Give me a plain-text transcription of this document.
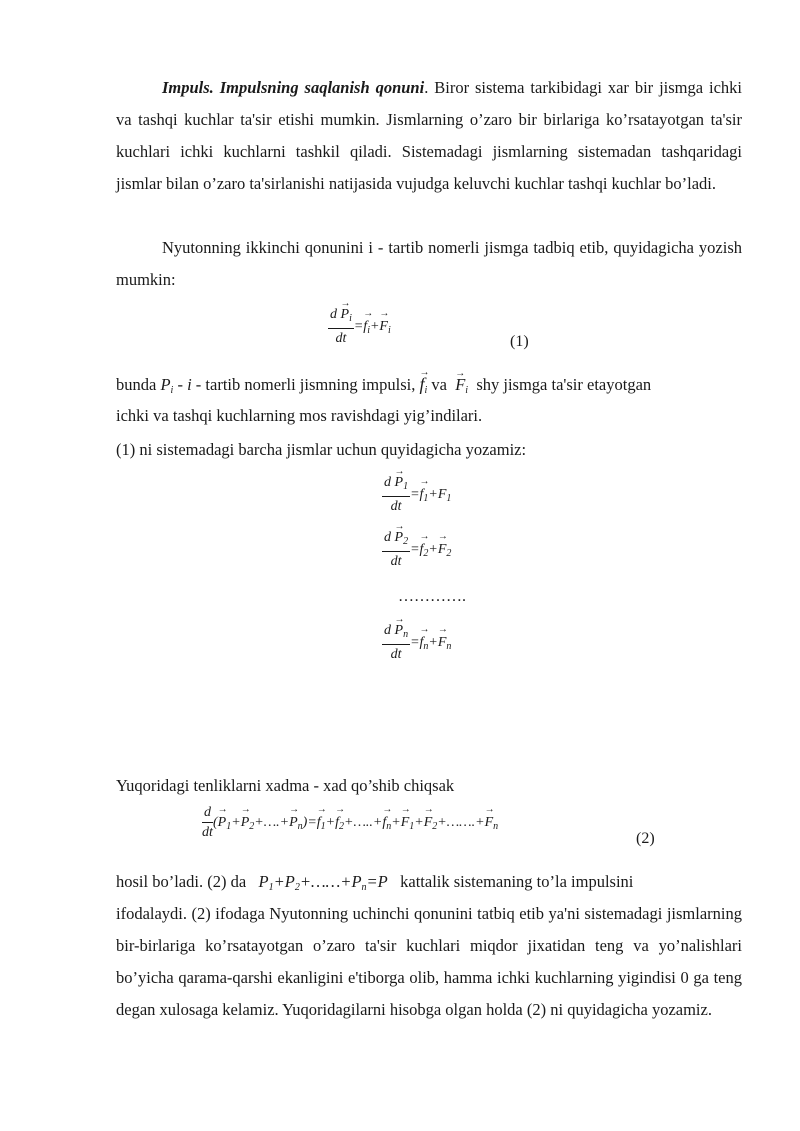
Impuls. Impulsning saqlanish qonuni. Biror sistema tarkibidagi xar bir jismga ichki va tashqi kuchlar ta'sir etishi mumkin. Jismlarning o’zaro bir birlariga ko’rsatayotgan ta'sir kuchlari ichki kuchlarni tashkil qiladi. Sistemadagi jismlarning sistemadan tashqaridagi jismlar bilan o’zaro ta'sirlanishi natijasida vujudga keluvchi kuchlar tashqi kuchlar bo’ladi.

Nyutonning ikkinchi qonunini i - tartib nomerli jismga tadbiq etib, quyidagicha yozish mumkin:

$\frac{d \to P_i}{dt} =\to f_i+\to F_i$
(1)
bunda $P_i$ - i - tartib nomerli jismning impulsi, → $f_i$ va → $F_i$ shy jismga ta'sir etayotgan
ichki va tashqi kuchlarning mos ravishdagi yig’indilari.
(1) ni sistemadagi barcha jismlar uchun quyidagicha yozamiz:
$\frac{d \to P_1}{dt} =\to f_1+F_1$
$\frac{d \to P_2}{dt} =\to f_2+\to F_2$
………….
$\frac{d \to P_n}{dt} =\to f_n+\to F_n$
Yuqoridagi tenliklarni xadma - xad qo’shib chiqsak
$\frac{d}{dt}$ (→ $P_1+\to$ $P_2+\dots.+\to P_n)=\to f_1+\to$ $f_2+\dots..+\to f_n+\to F_1+\to$ $F_2+\dots\dots.+\to F_n$
(2)
hosil bo’ladi. (2) da $P_1+P_2+\dots\dots+P_n=P$ kattalik sistemaning to’la impulsini

ifodalaydi. (2) ifodaga Nyutonning uchinchi qonunini tatbiq etib ya'ni sistemadagi jismlarning bir-birlariga ko’rsatayotgan o’zaro ta'sir kuchlari miqdor jixatidan teng va yo’nalishlari bo’yicha qarama-qarshi ekanligini e'tiborga olib, hamma ichki kuchlarning yigindisi 0 ga teng degan xulosaga kelamiz. Yuqoridagilarni hisobga olgan holda (2) ni quyidagicha yozamiz.
